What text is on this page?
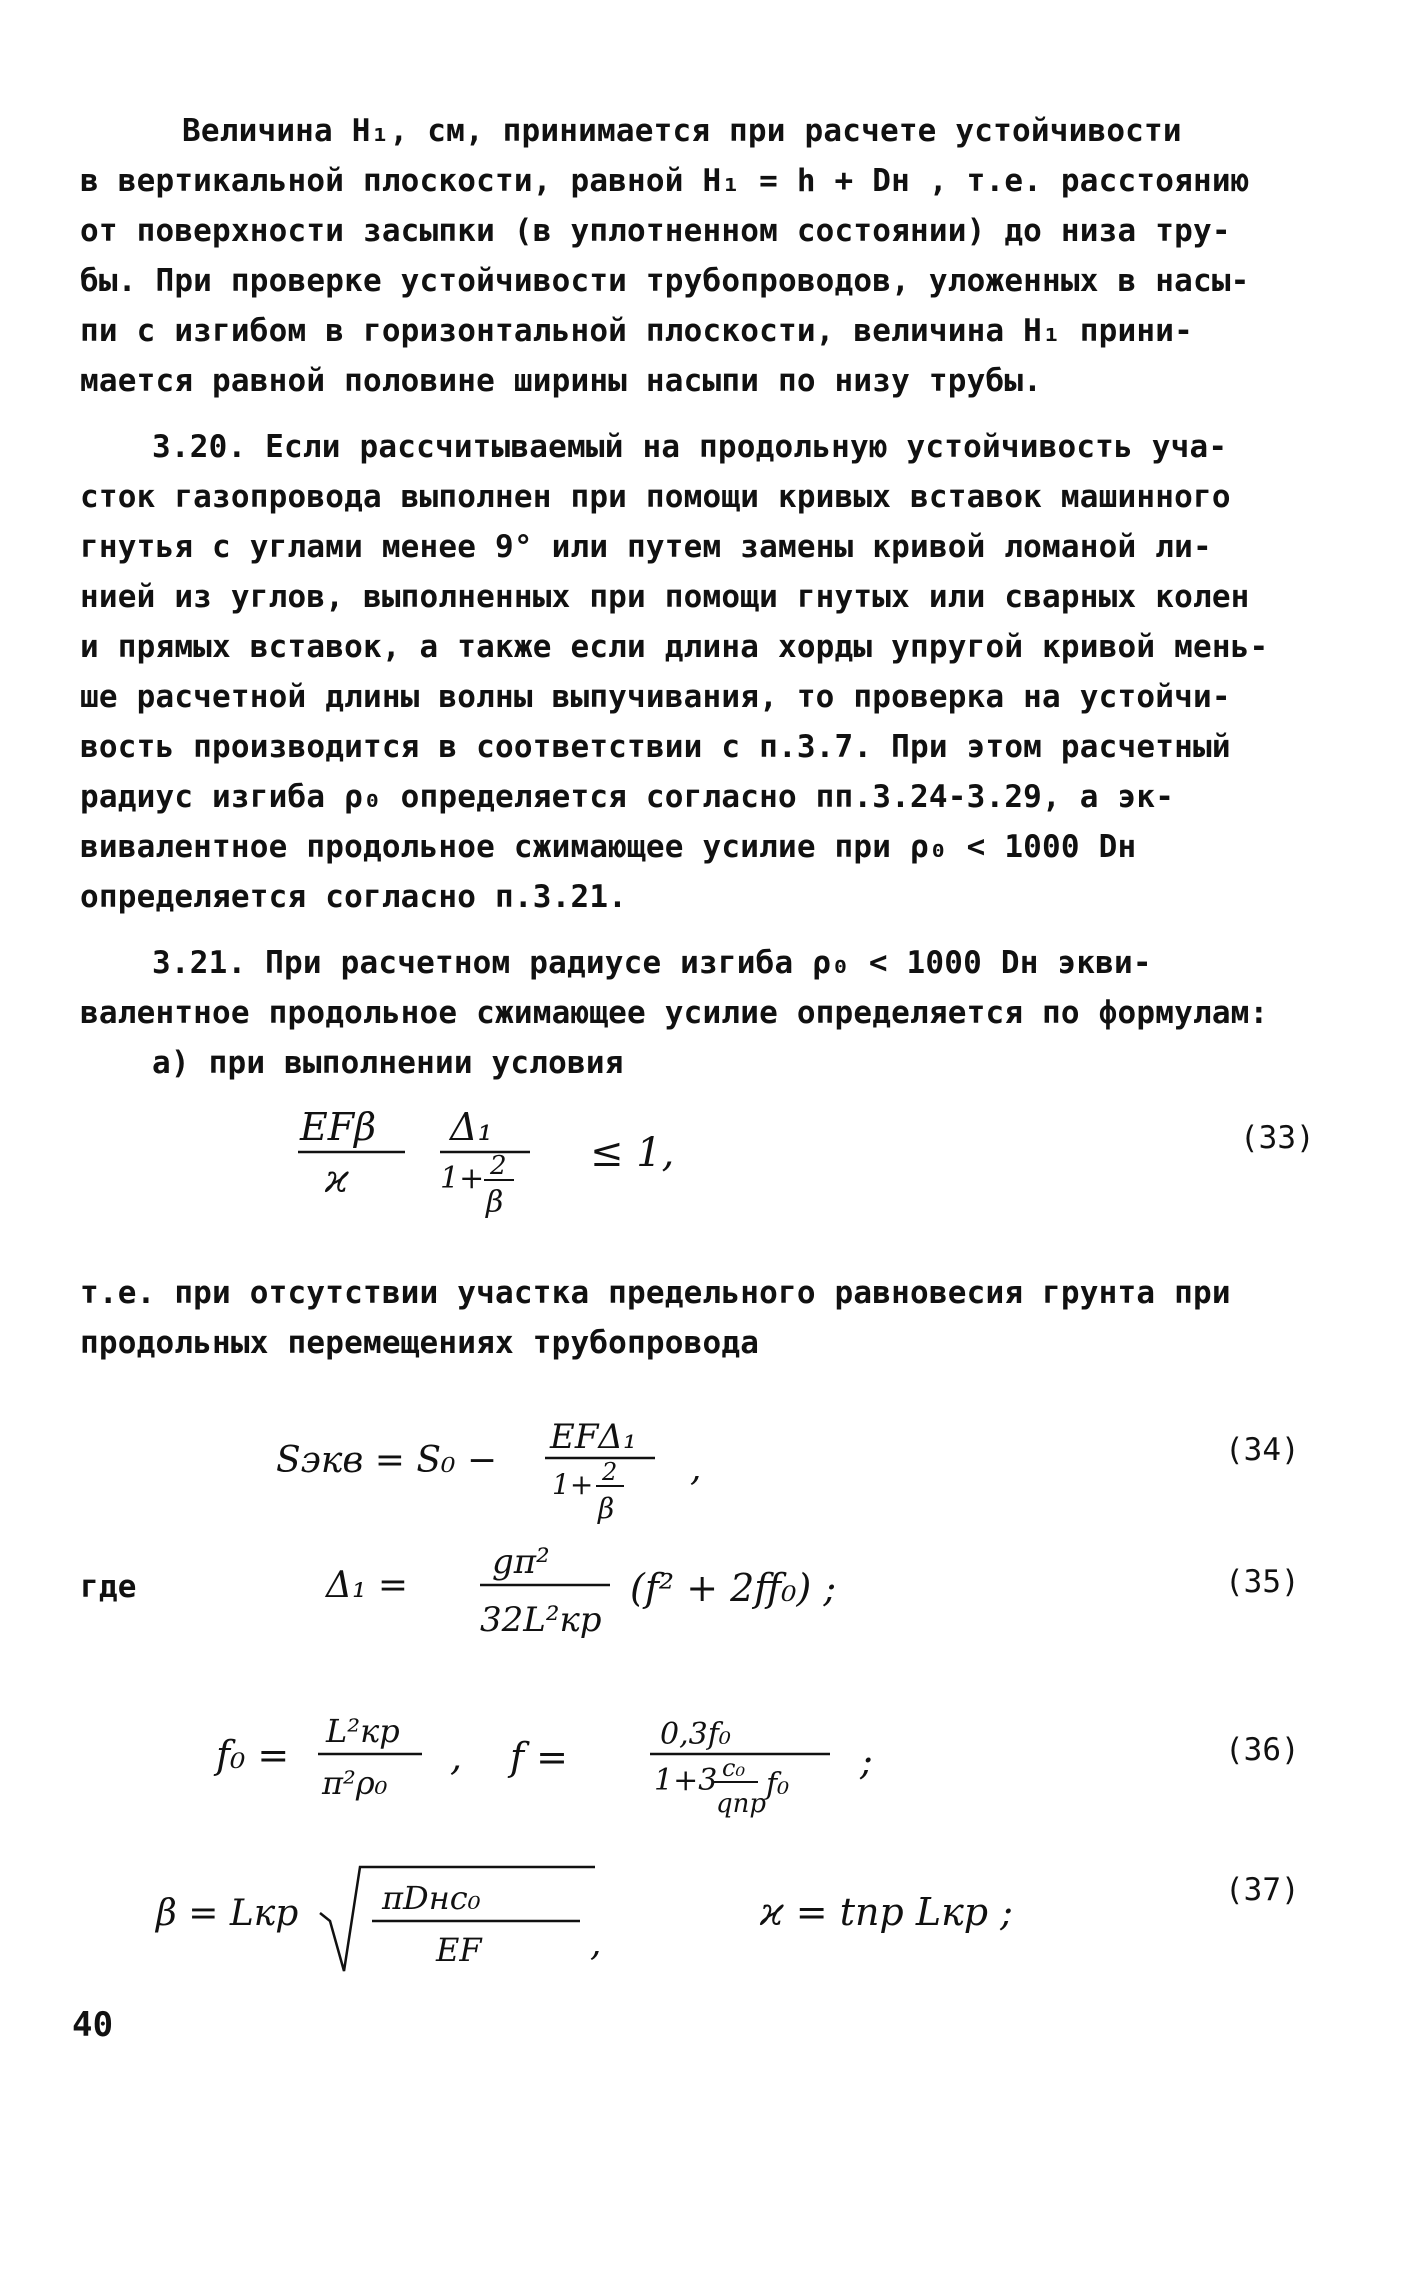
Величина H₁, см, принимается при расчете устойчивости
в вертикальной плоскости, равной H₁ = h + Dн , т.е. расстоянию
от поверхности засыпки (в уплотненном состоянии) до низа тру-
бы. При проверке устойчивости трубопроводов, уложенных в насы-
пи с изгибом в горизонтальной плоскости, величина H₁ прини-
мается равной половине ширины насыпи по низу трубы.
3.20. Если рассчитываемый на продольную устойчивость уча-
сток газопровода выполнен при помощи кривых вставок машинного
гнутья с углами менее 9° или путем замены кривой ломаной ли-
нией из углов, выполненных при помощи гнутых или сварных колен
и прямых вставок, а также если длина хорды упругой кривой мень-
ше расчетной длины волны выпучивания, то проверка на устойчи-
вость производится в соответствии с п.3.7. При этом расчетный
радиус изгиба ρ₀ определяется согласно пп.3.24-3.29, а эк-
вивалентное продольное сжимающее усилие при ρ₀ < 1000 Dн
определяется согласно п.3.21.
3.21. При расчетном радиусе изгиба ρ₀ < 1000 Dн экви-
валентное продольное сжимающее усилие определяется по формулам:
а) при выполнении условия
EFβ
ϰ
Δ₁
1+ 2
β
≤ 1,	(33)
т.е. при отсутствии участка предельного равновесия грунта при
продольных перемещениях трубопровода
Sэкв = S₀ −
EFΔ₁
1+ 2
β
,	(34)
где	Δ₁ =
gπ²
32L²кр
(f² + 2ff₀) ;	(35)
f₀ =
L²кр
π²ρ₀
, f =
0,3f₀
1+3 c₀
qпр
f₀
;	(36)
β = Lкр	πDнc₀
EF	,
ϰ = tпр Lкр ;	(37)
40
